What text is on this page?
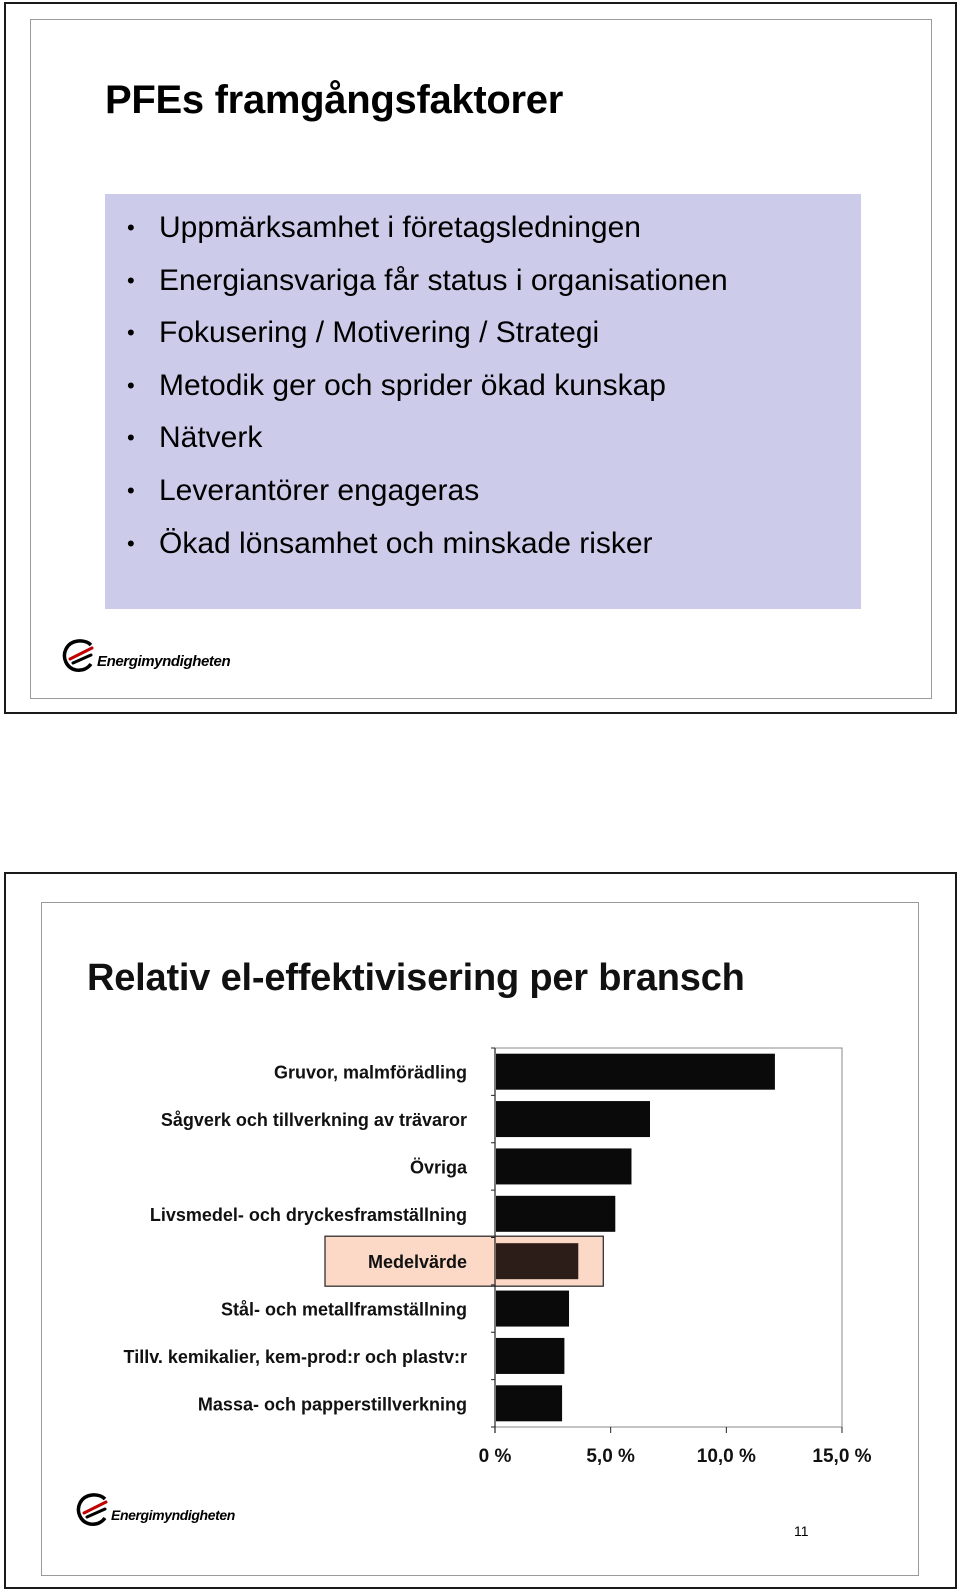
PFEs framgångsfaktorer
• Uppmärksamhet i företagsledningen
• Energiansvariga får status i organisationen
• Fokusering / Motivering / Strategi
• Metodik ger och sprider ökad kunskap
• Nätverk
• Leverantörer engageras
• Ökad lönsamhet och minskade risker
Energimyndigheten
Relativ el-effektivisering per bransch
0 %	5,0 %	10,0 %	15,0 %
Gruvor, malmförädling
Sågverk och tillverkning av trävaror
Övriga
Livsmedel- och dryckesframställning
Medelvärde
Stål- och metallframställning
Tillv. kemikalier, kem-prod:r och plastv:r
Massa- och papperstillverkning
Energimyndigheten
11
